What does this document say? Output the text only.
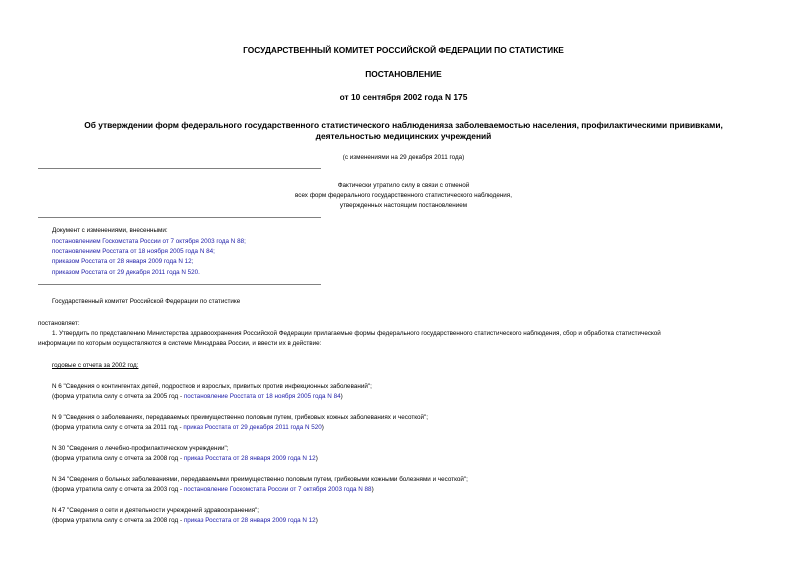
ГОСУДАРСТВЕННЫЙ КОМИТЕТ РОССИЙСКОЙ ФЕДЕРАЦИИ ПО СТАТИСТИКЕ
ПОСТАНОВЛЕНИЕ
от 10 сентября 2002 года N 175
Об утверждении форм федерального государственного статистического наблюденияза заболеваемостью населения, профилактическими прививками,
деятельностью медицинских учреждений
(с изменениями на 29 декабря 2011 года)
Фактически утратило силу в связи с отменой
всех форм федерального государственного статистического наблюдения,
утвержденных настоящим постановлением
Документ с изменениями, внесенными:
постановлением Госкомстата России от 7 октября 2003 года N 88;
постановлением Росстата от 18 ноября 2005 года N 84;
приказом Росстата от 28 января 2009 года N 12;
приказом Росстата от 29 декабря 2011 года N 520.
Государственный комитет Российской Федерации по статистике
постановляет:
1. Утвердить по представлению Министерства здравоохранения Российской Федерации прилагаемые формы федерального государственного статистического наблюдения, сбор и обработка статистической
информации по которым осуществляются в системе Минздрава России, и ввести их в действие:
годовые с отчета за 2002 год:
N 6 "Сведения о контингентах детей, подростков и взрослых, привитых против инфекционных заболеваний";
(форма утратила силу с отчета за 2005 год - постановление Росстата от 18 ноября 2005 года N 84)
N 9 "Сведения о заболеваниях, передаваемых преимущественно половым путем, грибковых кожных заболеваниях и чесоткой";
(форма утратила силу с отчета за 2011 год - приказ Росстата от 29 декабря 2011 года N 520)
N 30 "Сведения о лечебно-профилактическом учреждении";
(форма утратила силу с отчета за 2008 год - приказ Росстата от 28 января 2009 года N 12)
N 34 "Сведения о больных заболеваниями, передаваемыми преимущественно половым путем, грибковыми кожными болезнями и чесоткой";
(форма утратила силу с отчета за 2003 год - постановление Госкомстата России от 7 октября 2003 года N 88)
N 47 "Сведения о сети и деятельности учреждений здравоохранения";
(форма утратила силу с отчета за 2008 год - приказ Росстата от 28 января 2009 года N 12)
